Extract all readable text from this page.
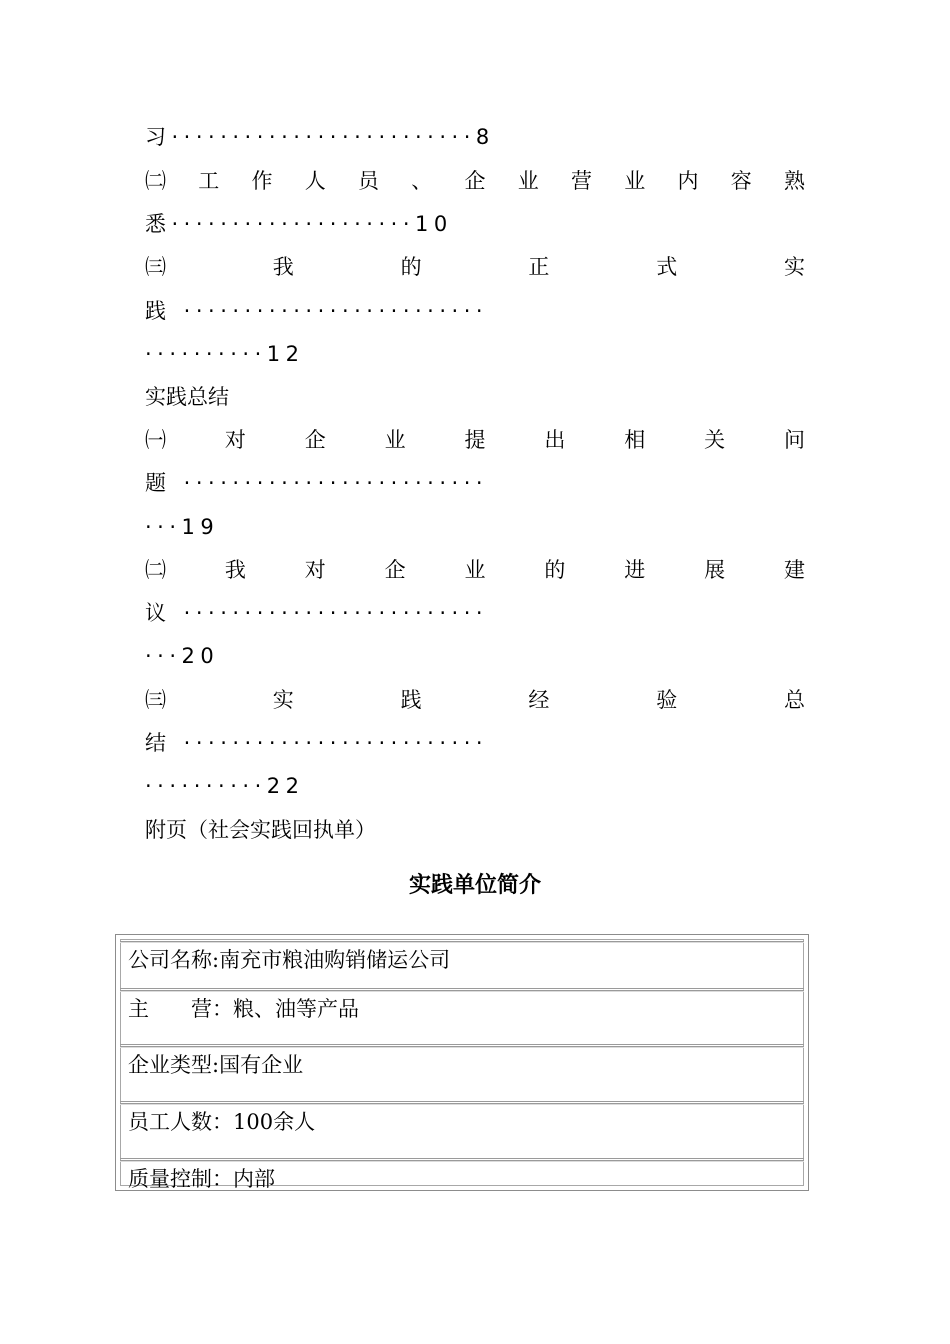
习·························8
㈡ 工 作 人 员 、 企 业 营 业 内 容 熟
悉····················10
㈢	我	的	正	式	实
践 ·························
··········12
实践总结
㈠	对	企	业	提	出	相	关	问
题 ·························
···19
㈡	我	对	企	业	的	进	展	建
议 ·························
···20
㈢	实	践	经	验	总
结 ·························
··········22
附页（社会实践回执单）
实践单位简介
公司名称:南充市粮油购销储运公司
主　　营：粮、油等产品
企业类型:国有企业
员工人数：100余人
质量控制：内部
